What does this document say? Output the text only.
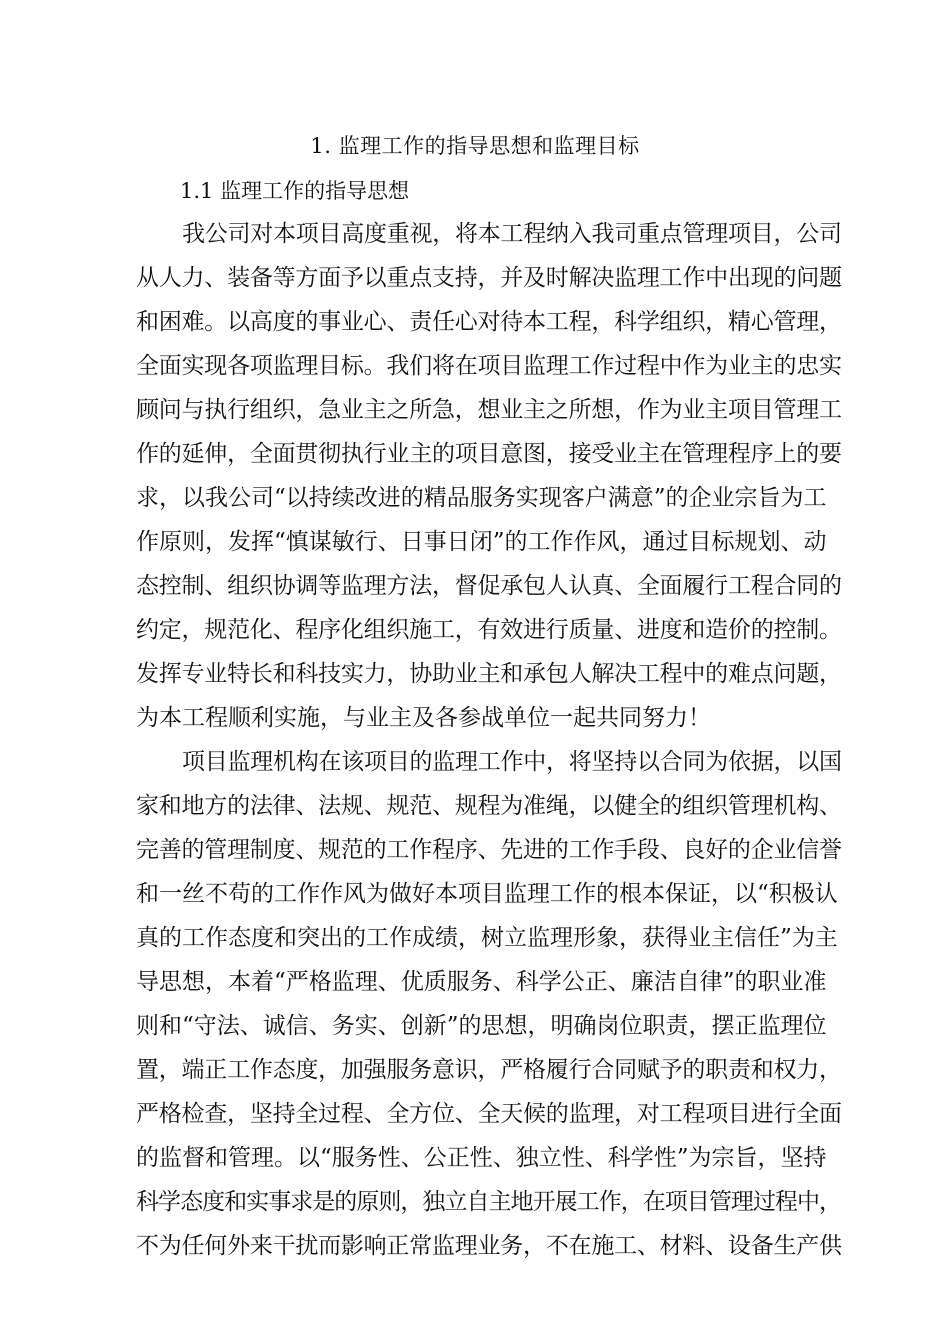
1. 监理工作的指导思想和监理目标
1.1 监理工作的指导思想
我公司对本项目高度重视，将本工程纳入我司重点管理项目，公司
从人力、装备等方面予以重点支持，并及时解决监理工作中出现的问题
和困难。以高度的事业心、责任心对待本工程，科学组织，精心管理，
全面实现各项监理目标。我们将在项目监理工作过程中作为业主的忠实
顾问与执行组织，急业主之所急，想业主之所想，作为业主项目管理工
作的延伸，全面贯彻执行业主的项目意图，接受业主在管理程序上的要
求，以我公司“以持续改进的精品服务实现客户满意”的企业宗旨为工
作原则，发挥“慎谋敏行、日事日闭”的工作作风，通过目标规划、动
态控制、组织协调等监理方法，督促承包人认真、全面履行工程合同的
约定，规范化、程序化组织施工，有效进行质量、进度和造价的控制。
发挥专业特长和科技实力，协助业主和承包人解决工程中的难点问题，
为本工程顺利实施，与业主及各参战单位一起共同努力！
项目监理机构在该项目的监理工作中，将坚持以合同为依据，以国
家和地方的法律、法规、规范、规程为准绳，以健全的组织管理机构、
完善的管理制度、规范的工作程序、先进的工作手段、良好的企业信誉
和一丝不苟的工作作风为做好本项目监理工作的根本保证，以“积极认
真的工作态度和突出的工作成绩，树立监理形象，获得业主信任”为主
导思想，本着“严格监理、优质服务、科学公正、廉洁自律”的职业准
则和“守法、诚信、务实、创新”的思想，明确岗位职责，摆正监理位
置，端正工作态度，加强服务意识，严格履行合同赋予的职责和权力，
严格检查，坚持全过程、全方位、全天候的监理，对工程项目进行全面
的监督和管理。以“服务性、公正性、独立性、科学性”为宗旨，坚持
科学态度和实事求是的原则，独立自主地开展工作，在项目管理过程中，
不为任何外来干扰而影响正常监理业务，不在施工、材料、设备生产供
